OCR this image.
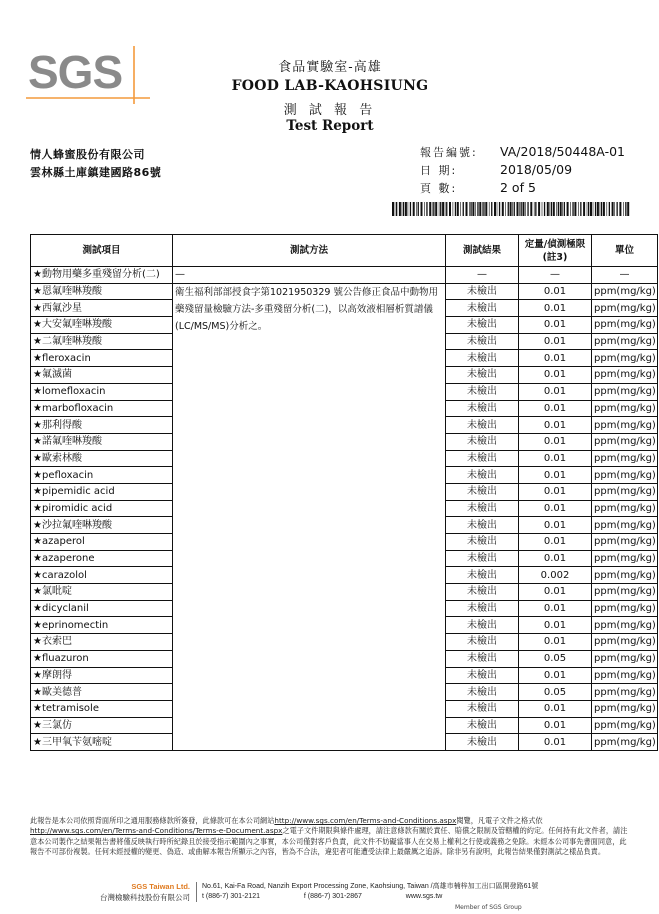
SGS	食品實驗室-高雄
FOOD LAB-KAOHSIUNG
測 試 報 告
Test Report
情人蜂蜜股份有限公司
雲林縣土庫鎮建國路86號
報告編號: VA/2018/50448A-01
日 期:	2018/05/09
頁 數:	2 of 5
測試項目	測試方法	測試結果	定量/偵測極限(註3)	單位
★動物用藥多重殘留分析(二)	—	—	—	—
★恩氟喹啉羧酸	衛生福利部部授食字第1021950329 號公告修正食品中動物用藥殘留量檢驗方法-多重殘留分析(二)，以高效液相層析質譜儀(LC/MS/MS)分析之。	未檢出	0.01	ppm(mg/kg)
★西氟沙星		未檢出	0.01	ppm(mg/kg)
★大安氟喹啉羧酸		未檢出	0.01	ppm(mg/kg)
★二氟喹啉羧酸		未檢出	0.01	ppm(mg/kg)
★fleroxacin		未檢出	0.01	ppm(mg/kg)
★氟滅菌		未檢出	0.01	ppm(mg/kg)
★lomefloxacin		未檢出	0.01	ppm(mg/kg)
★marbofloxacin		未檢出	0.01	ppm(mg/kg)
★那利得酸		未檢出	0.01	ppm(mg/kg)
★諾氟喹啉羧酸		未檢出	0.01	ppm(mg/kg)
★歐索林酸		未檢出	0.01	ppm(mg/kg)
★pefloxacin		未檢出	0.01	ppm(mg/kg)
★pipemidic acid		未檢出	0.01	ppm(mg/kg)
★piromidic acid		未檢出	0.01	ppm(mg/kg)
★沙拉氟喹啉羧酸		未檢出	0.01	ppm(mg/kg)
★azaperol		未檢出	0.01	ppm(mg/kg)
★azaperone		未檢出	0.01	ppm(mg/kg)
★carazolol		未檢出	0.002	ppm(mg/kg)
★氯吡啶		未檢出	0.01	ppm(mg/kg)
★dicyclanil		未檢出	0.01	ppm(mg/kg)
★eprinomectin		未檢出	0.01	ppm(mg/kg)
★衣索巴		未檢出	0.01	ppm(mg/kg)
★fluazuron		未檢出	0.05	ppm(mg/kg)
★摩朗得		未檢出	0.01	ppm(mg/kg)
★歐美德普		未檢出	0.05	ppm(mg/kg)
★tetramisole		未檢出	0.01	ppm(mg/kg)
★三氯仿		未檢出	0.01	ppm(mg/kg)
★三甲氧苄氨嘧啶		未檢出	0.01	ppm(mg/kg)
此報告是本公司依照背面所印之通用服務條款所簽發，此條款可在本公司網站http://www.sgs.com/en/Terms-and-Conditions.aspx閱覽，凡電子文件之格式依http://www.sgs.com/en/Terms-and-Conditions/Terms-e-Document.aspx之電子文件期限與條件處理，請注意條款有關於責任、賠償之限制及管轄權的約定。任何持有此文件者，請注意本公司製作之結果報告書將僅反映執行時所紀錄且於接受指示範圍內之事實，本公司僅對客戶負責，此文件不妨礙當事人在交易上權利之行使或義務之免除。未經本公司事先書面同意，此報告不可部份複製。任何未經授權的變更、偽造、或曲解本報告所顯示之內容，皆為不合法，違犯者可能遭受法律上最嚴厲之追訴。除非另有說明，此報告結果僅對測試之樣品負責。
SGS Taiwan Ltd.
台灣檢驗科技股份有限公司
No.61, Kai-Fa Road, Nanzih Export Processing Zone, Kaohsiung, Taiwan /高雄市楠梓加工出口區開發路61號
t (886-7) 301-2121	f (886-7) 301-2867	www.sgs.tw
Member of SGS Group
